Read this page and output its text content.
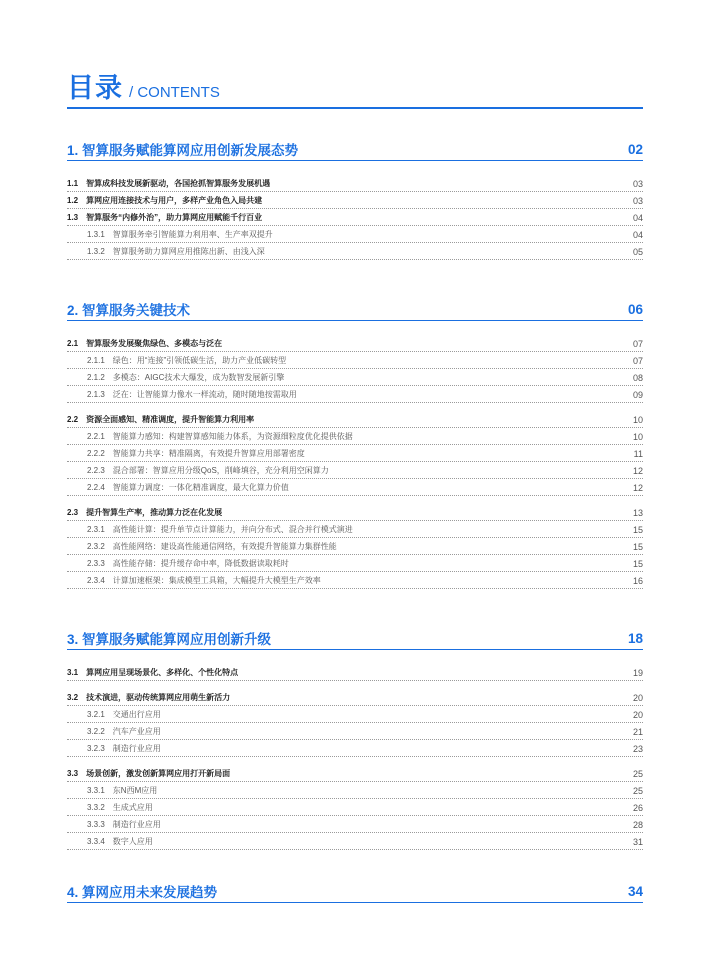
目录 / CONTENTS
1. 智算服务赋能算网应用创新发展态势	02
1.1 智算成科技发展新驱动，各国抢抓智算服务发展机遇	03
1.2 算网应用连接技术与用户，多样产业角色入局共建	03
1.3 智算服务“内修外治”，助力算网应用赋能千行百业	04
1.3.1 智算服务牵引智能算力利用率、生产率双提升	04
1.3.2 智算服务助力算网应用推陈出新、由浅入深	05
2. 智算服务关键技术	06
2.1 智算服务发展聚焦绿色、多模态与泛在	07
2.1.1 绿色：用“连接”引领低碳生活，助力产业低碳转型	07
2.1.2 多模态：AIGC技术大爆发，成为数智发展新引擎	08
2.1.3 泛在：让智能算力像水一样流动，随时随地按需取用	09
2.2 资源全面感知、精准调度，提升智能算力利用率	10
2.2.1 智能算力感知：构建智算感知能力体系，为资源细粒度优化提供依据	10
2.2.2 智能算力共享：精准隔离，有效提升智算应用部署密度	11
2.2.3 混合部署：智算应用分级QoS，削峰填谷，充分利用空闲算力	12
2.2.4 智能算力调度：一体化精准调度，最大化算力价值	12
2.3 提升智算生产率，推动算力泛在化发展	13
2.3.1 高性能计算：提升单节点计算能力，并向分布式、混合并行模式演进	15
2.3.2 高性能网络：建设高性能通信网络，有效提升智能算力集群性能	15
2.3.3 高性能存储：提升缓存命中率，降低数据读取耗时	15
2.3.4 计算加速框架：集成模型工具箱，大幅提升大模型生产效率	16
3. 智算服务赋能算网应用创新升级	18
3.1 算网应用呈现场景化、多样化、个性化特点	19
3.2 技术演进，驱动传统算网应用萌生新活力	20
3.2.1 交通出行应用	20
3.2.2 汽车产业应用	21
3.2.3 制造行业应用	23
3.3 场景创新，激发创新算网应用打开新局面	25
3.3.1 东N西M应用	25
3.3.2 生成式应用	26
3.3.3 制造行业应用	28
3.3.4 数字人应用	31
4. 算网应用未来发展趋势	34
